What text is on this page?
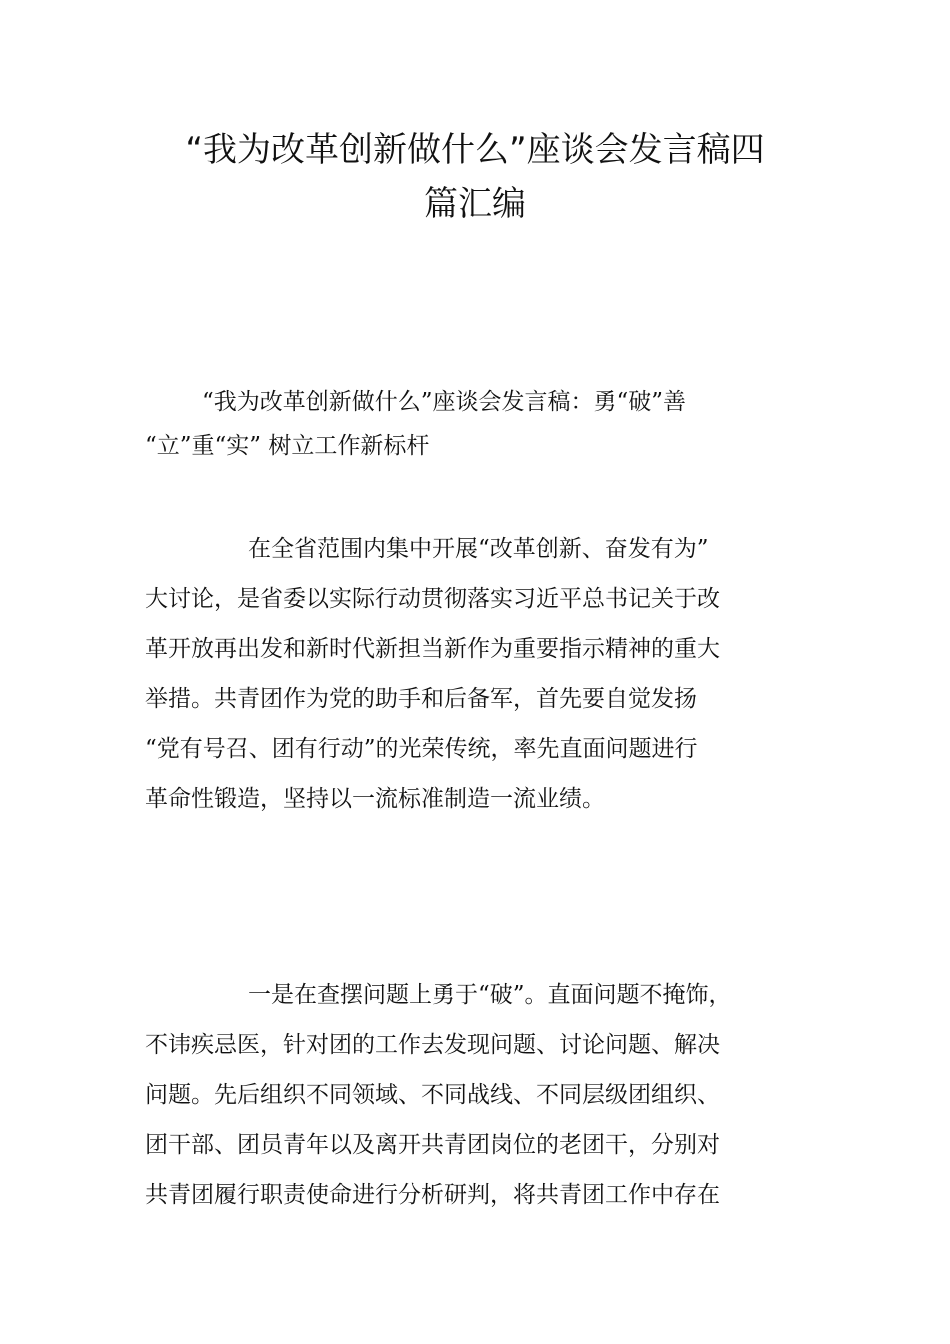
“我为改革创新做什么”座谈会发言稿四
篇汇编

“我为改革创新做什么”座谈会发言稿：勇“破”善
“立”重“实” 树立工作新标杆

在全省范围内集中开展“改革创新、奋发有为”
大讨论，是省委以实际行动贯彻落实习近平总书记关于改
革开放再出发和新时代新担当新作为重要指示精神的重大
举措。共青团作为党的助手和后备军，首先要自觉发扬
“党有号召、团有行动”的光荣传统，率先直面问题进行
革命性锻造，坚持以一流标准制造一流业绩。

一是在查摆问题上勇于“破”。直面问题不掩饰，
不讳疾忌医，针对团的工作去发现问题、讨论问题、解决
问题。先后组织不同领域、不同战线、不同层级团组织、
团干部、团员青年以及离开共青团岗位的老团干，分别对
共青团履行职责使命进行分析研判，将共青团工作中存在
